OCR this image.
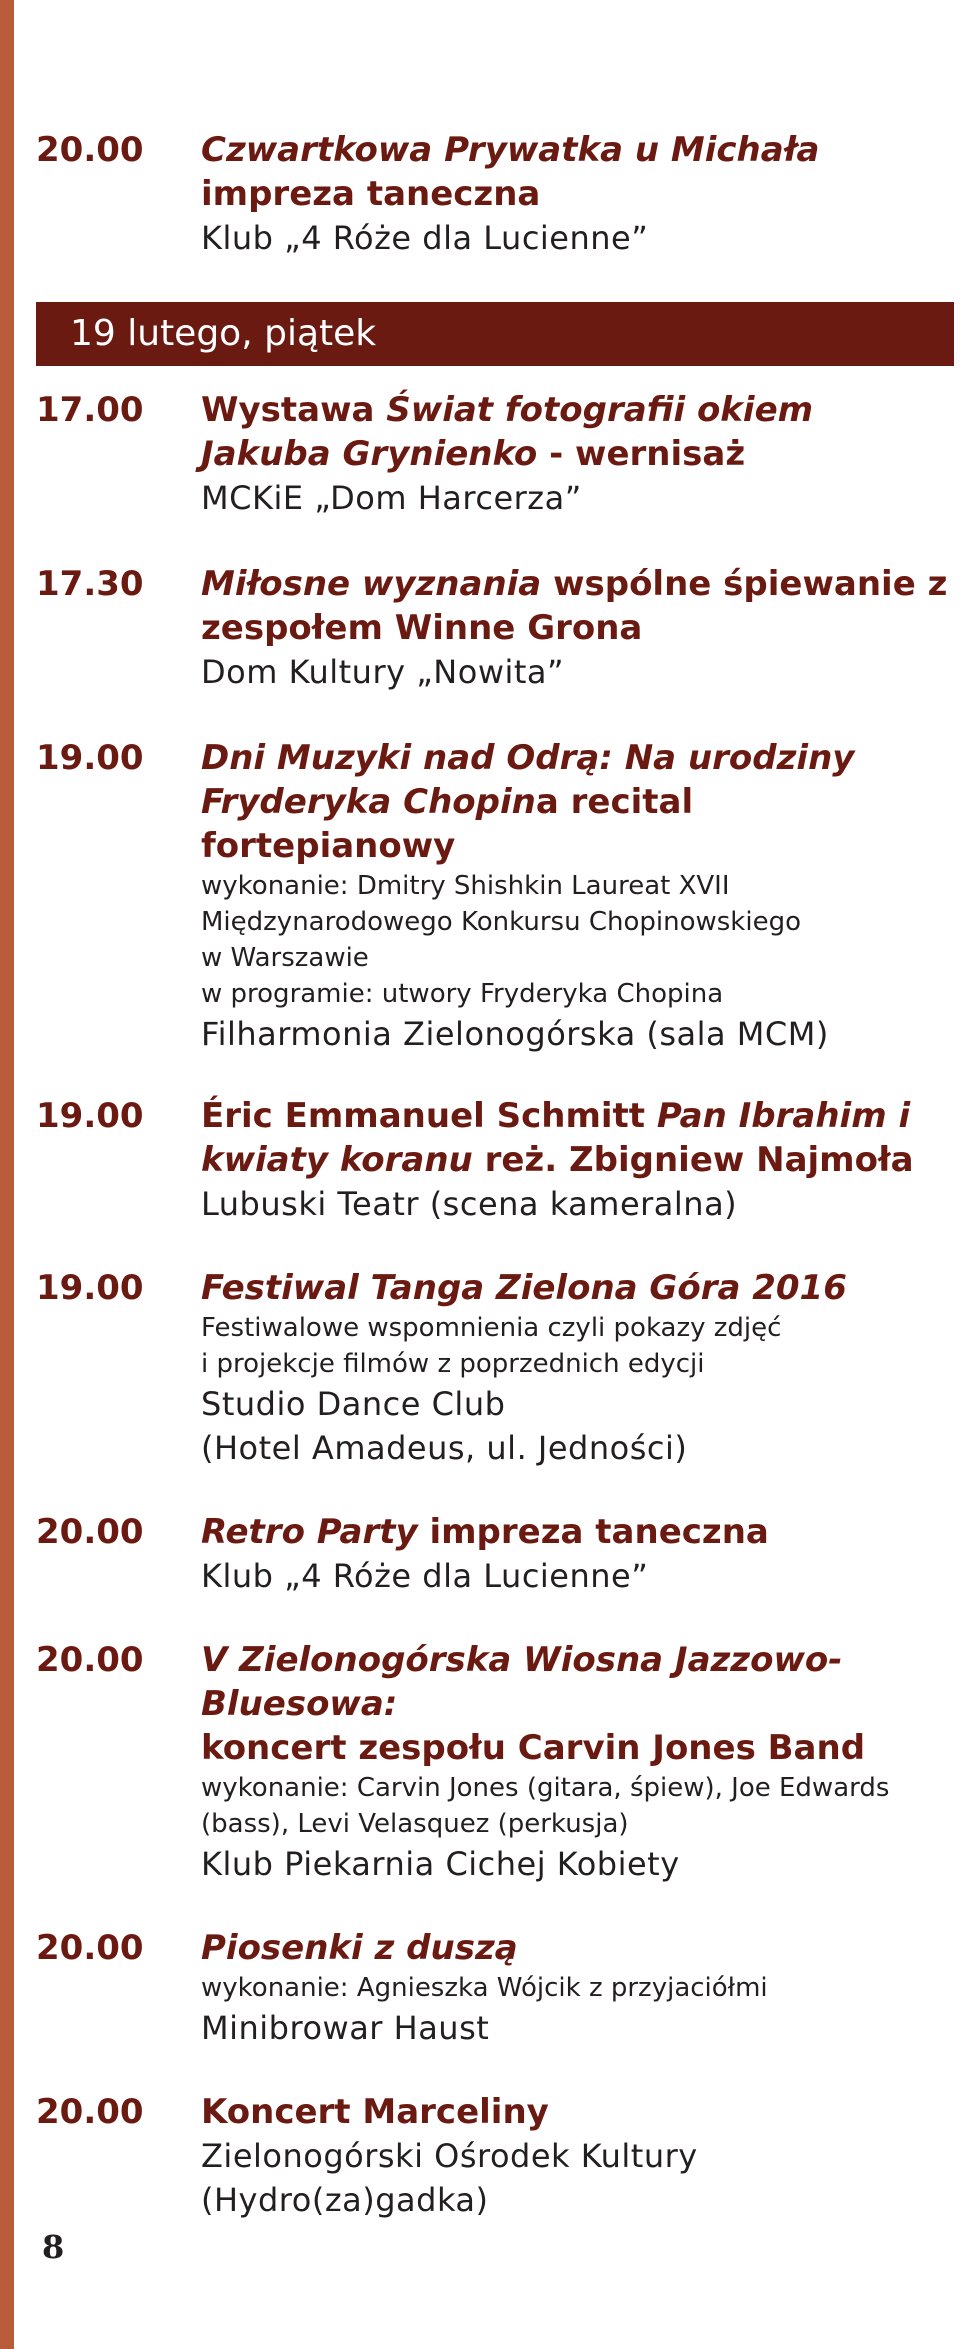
20.00	Czwartkowa Prywatka u Michała
impreza taneczna
Klub „4 Róże dla Lucienne”
19 lutego, piątek
17.00	Wystawa Świat fotografii okiem Jakuba Grynienko - wernisaż
MCKiE „Dom Harcerza”
17.30	Miłosne wyznania wspólne śpiewanie z zespołem Winne Grona
Dom Kultury „Nowita”
19.00	Dni Muzyki nad Odrą: Na urodziny Fryderyka Chopina recital fortepianowy
wykonanie: Dmitry Shishkin Laureat XVII
Międzynarodowego Konkursu Chopinowskiego
w Warszawie
w programie: utwory Fryderyka Chopina
Filharmonia Zielonogórska (sala MCM)
19.00	Éric Emmanuel Schmitt Pan Ibrahim i kwiaty koranu reż. Zbigniew Najmoła
Lubuski Teatr (scena kameralna)
19.00	Festiwal Tanga Zielona Góra 2016
Festiwalowe wspomnienia czyli pokazy zdjęć
i projekcje filmów z poprzednich edycji
Studio Dance Club
(Hotel Amadeus, ul. Jedności)
20.00	Retro Party impreza taneczna
Klub „4 Róże dla Lucienne”
20.00	V Zielonogórska Wiosna Jazzowo-Bluesowa:
koncert zespołu Carvin Jones Band
wykonanie: Carvin Jones (gitara, śpiew), Joe Edwards
(bass), Levi Velasquez (perkusja)
Klub Piekarnia Cichej Kobiety
20.00	Piosenki z duszą
wykonanie: Agnieszka Wójcik z przyjaciółmi
Minibrowar Haust
20.00	Koncert Marceliny
Zielonogórski Ośrodek Kultury
(Hydro(za)gadka)
8
